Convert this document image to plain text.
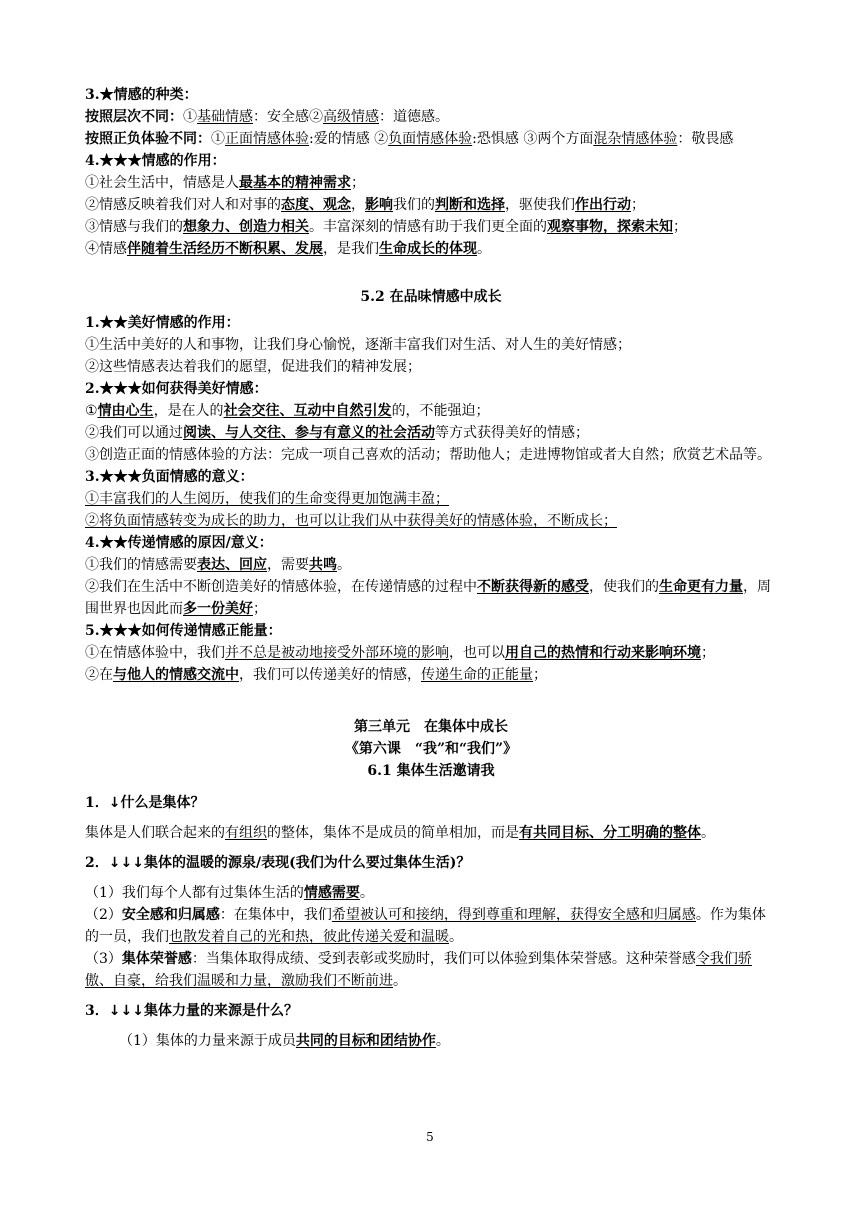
3.★情感的种类：
按照层次不同：①基础情感：安全感②高级情感：道德感。
按照正负体验不同：①正面情感体验:爱的情感 ②负面情感体验:恐惧感 ③两个方面混杂情感体验：敬畏感
4.★★★情感的作用：
①社会生活中，情感是人最基本的精神需求；
②情感反映着我们对人和对事的态度、观念，影响我们的判断和选择，驱使我们作出行动；
③情感与我们的想象力、创造力相关。丰富深刻的情感有助于我们更全面的观察事物，探索未知；
④情感伴随着生活经历不断积累、发展，是我们生命成长的体现。
5.2 在品味情感中成长
1.★★美好情感的作用：
①生活中美好的人和事物，让我们身心愉悦，逐渐丰富我们对生活、对人生的美好情感；
②这些情感表达着我们的愿望，促进我们的精神发展；
2.★★★如何获得美好情感：
①情由心生，是在人的社会交往、互动中自然引发的，不能强迫；
②我们可以通过阅读、与人交往、参与有意义的社会活动等方式获得美好的情感；
③创造正面的情感体验的方法：完成一项自己喜欢的活动；帮助他人；走进博物馆或者大自然；欣赏艺术品等。
3.★★★负面情感的意义：
①丰富我们的人生阅历，使我们的生命变得更加饱满丰盈；
②将负面情感转变为成长的助力，也可以让我们从中获得美好的情感体验，不断成长；
4.★★传递情感的原因/意义：
①我们的情感需要表达、回应，需要共鸣。
②我们在生活中不断创造美好的情感体验，在传递情感的过程中不断获得新的感受，使我们的生命更有力量，周围世界也因此而多一份美好；
5.★★★如何传递情感正能量：
①在情感体验中，我们并不总是被动地接受外部环境的影响，也可以用自己的热情和行动来影响环境；
②在与他人的情感交流中，我们可以传递美好的情感，传递生命的正能量；
第三单元　在集体中成长
《第六课　“我”和“我们”》
6.1 集体生活邀请我
1．↓什么是集体？
集体是人们联合起来的有组织的整体，集体不是成员的简单相加，而是有共同目标、分工明确的整体。
2．↓↓↓集体的温暖的源泉/表现(我们为什么要过集体生活)？
（1）我们每个人都有过集体生活的情感需要。
（2）安全感和归属感：在集体中，我们希望被认可和接纳，得到尊重和理解，获得安全感和归属感。作为集体的一员，我们也散发着自己的光和热，彼此传递关爱和温暖。
（3）集体荣誉感：当集体取得成绩、受到表彰或奖励时，我们可以体验到集体荣誉感。这种荣誉感令我们骄傲、自豪，给我们温暖和力量，激励我们不断前进。
3．↓↓↓集体力量的来源是什么？
（1）集体的力量来源于成员共同的目标和团结协作。
5
